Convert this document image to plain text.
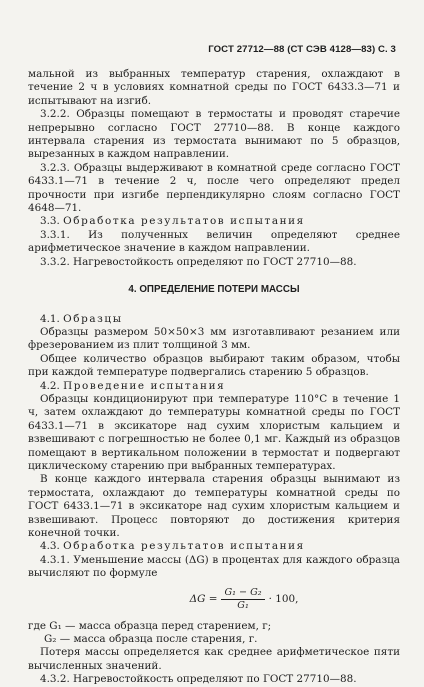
ГОСТ 27712—88 (СТ СЭВ 4128—83) С. 3

мальной из выбранных температур старения, охлаждают в течение 2 ч в условиях комнатной среды по ГОСТ 6433.3—71 и испытывают на изгиб.

3.2.2. Образцы помещают в термостаты и проводят старечие непрерывно согласно ГОСТ 27710—88. В конце каждого интервала старения из термостата вынимают по 5 образцов, вырезанных в каждом направлении.

3.2.3. Образцы выдерживают в комнатной среде согласно ГОСТ 6433.1—71 в течение 2 ч, после чего определяют предел прочности при изгибе перпендикулярно слоям согласно ГОСТ 4648—71.

3.3. Обработка результатов испытания

3.3.1. Из полученных величин определяют среднее арифметическое значение в каждом направлении.

3.3.2. Нагревостойкость определяют по ГОСТ 27710—88.

4. ОПРЕДЕЛЕНИЕ ПОТЕРИ МАССЫ

4.1. Образцы

Образцы размером 50×50×3 мм изготавливают резанием или фрезерованием из плит толщиной 3 мм.

Общее количество образцов выбирают таким образом, чтобы при каждой температуре подвергались старению 5 образцов.

4.2. Проведение испытания

Образцы кондиционируют при температуре 110°С в течение 1 ч, затем охлаждают до температуры комнатной среды по ГОСТ 6433.1—71 в эксикаторе над сухим хлористым кальцием и взвешивают с погрешностью не более 0,1 мг. Каждый из образцов помещают в вертикальном положении в термостат и подвергают циклическому старению при выбранных температурах.

В конце каждого интервала старения образцы вынимают из термостата, охлаждают до температуры комнатной среды по ГОСТ 6433.1—71 в эксикаторе над сухим хлористым кальцием и взвешивают. Процесс повторяют до достижения критерия конечной точки.

4.3. Обработка результатов испытания

4.3.1. Уменьшение массы (ΔG) в процентах для каждого образца вычисляют по формуле

$\Delta G = \frac{\text{G₁ − G₂}}{\text{G₁}} \cdot 100$,

где G₁ — масса образца перед старением, г;

G₂ — масса образца после старения, г.

Потеря массы определяется как среднее арифметическое пяти вычисленных значений.

4.3.2. Нагревостойкость определяют по ГОСТ 27710—88.
